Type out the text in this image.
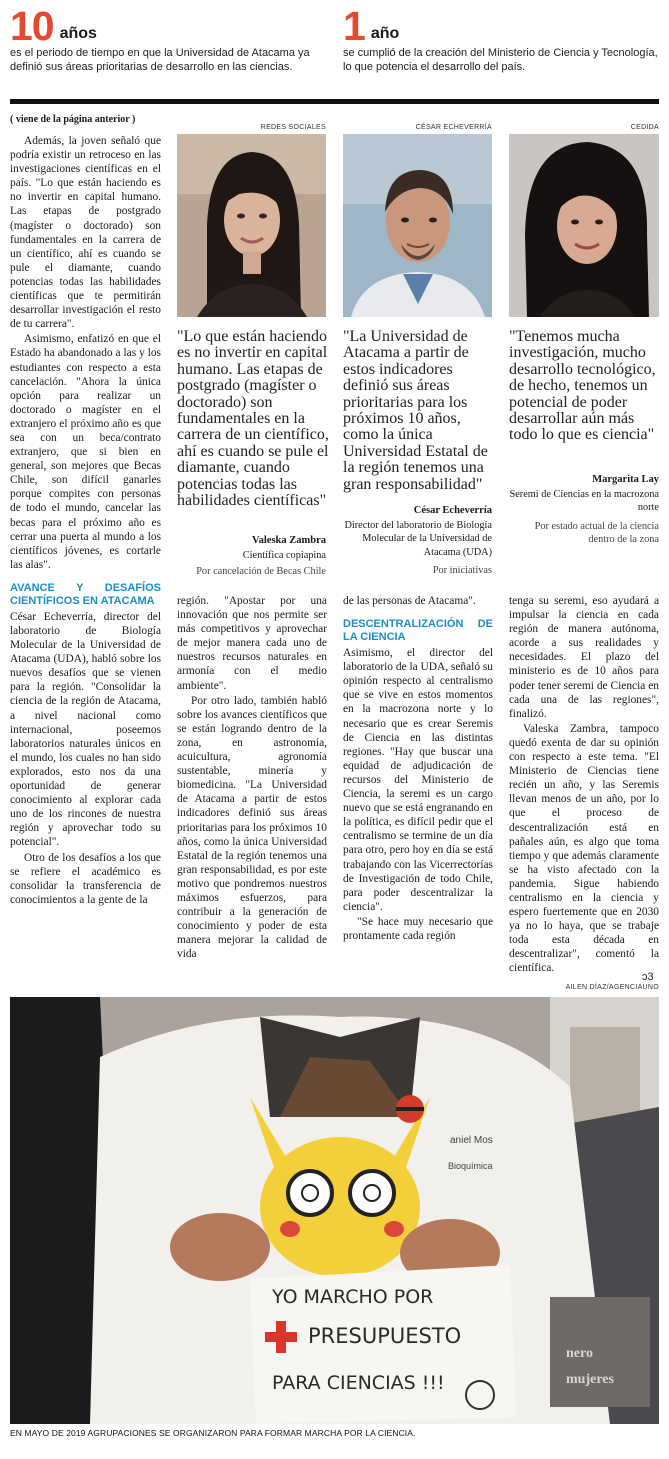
10 años
es el periodo de tiempo en que la Universidad de Atacama ya definió sus áreas prioritarias de desarrollo en las ciencias.
1 año
se cumplió de la creación del Ministerio de Ciencia y Tecnología, lo que potencia el desarrollo del país.
( viene de la página anterior )

Además, la joven señaló que podría existir un retroceso en las investigaciones científicas en el país. "Lo que están haciendo es no invertir en capital humano. Las etapas de postgrado (magíster o doctorado) son fundamentales en la carrera de un científico, ahí es cuando se pule el diamante, cuando potencias todas las habilidades científicas que te permitirán desarrollar investigación el resto de tu carrera".

Asimismo, enfatizó en que el Estado ha abandonado a las y los estudiantes con respecto a esta cancelación. "Ahora la única opción para realizar un doctorado o magíster en el extranjero el próximo año es que sea con un beca/contrato extranjero, que si bien en general, son mejores que Becas Chile, son difícil ganarles porque compites con personas de todo el mundo, cancelar las becas para el próximo año es cerrar una puerta al mundo a los científicos jóvenes, es cortarle las alas".

AVANCE Y DESAFÍOS CIENTÍFICOS EN ATACAMA

César Echeverría, director del laboratorio de Biología Molecular de la Universidad de Atacama (UDA), habló sobre los nuevos desafíos que se vienen para la región. "Consolidar la ciencia de la región de Atacama, a nivel nacional como internacional, poseemos laboratorios naturales únicos en el mundo, los cuales no han sido explorados, esto nos da una oportunidad de generar conocimiento al explorar cada uno de los rincones de nuestra región y aprovechar todo su potencial".

Otro de los desafíos a los que se refiere el académico es consolidar la transferencia de conocimientos a la gente de la

región. "Apostar por una innovación que nos permite ser más competitivos y aprovechar de mejor manera cada uno de nuestros recursos naturales en armonía con el medio ambiente".

Por otro lado, también habló sobre los avances científicos que se están logrando dentro de la zona, en astronomía, acuicultura, agronomía sustentable, minería y biomedicina. "La Universidad de Atacama a partir de estos indicadores definió sus áreas prioritarias para los próximos 10 años, como la única Universidad Estatal de la región tenemos una gran responsabilidad, es por este motivo que pondremos nuestros máximos esfuerzos, para contribuir a la generación de conocimiento y poder de esta manera mejorar la calidad de vida

de las personas de Atacama".

DESCENTRALIZACIÓN DE LA CIENCIA

Asimismo, el director del laboratorio de la UDA, señaló su opinión respecto al centralismo que se vive en estos momentos en la macrozona norte y lo necesario que es crear Seremis de Ciencia en las distintas regiones. "Hay que buscar una equidad de adjudicación de recursos del Ministerio de Ciencia, la seremi es un cargo nuevo que se está engranando en la política, es difícil pedir que el centralismo se termine de un día para otro, pero hoy en día se está trabajando con las Vicerrectorías de Investigación de todo Chile, para poder descentralizar la ciencia".

"Se hace muy necesario que prontamente cada región

tenga su seremi, eso ayudará a impulsar la ciencia en cada región de manera autónoma, acorde a sus realidades y necesidades. El plazo del ministerio es de 10 años para poder tener seremi de Ciencia en cada una de las regiones", finalizó.

Valeska Zambra, tampoco quedó exenta de dar su opinión con respecto a este tema. "El Ministerio de Ciencias tiene recién un año, y las Seremis llevan menos de un año, por lo que el proceso de descentralización está en pañales aún, es algo que toma tiempo y que además claramente se ha visto afectado con la pandemia. Sigue habiendo centralismo en la ciencia y espero fuertemente que en 2030 ya no lo haya, que se trabaje toda esta década en descentralizar", comentó la científica.

ↄ3
REDES SOCIALES	CÉSAR ECHEVERRÍA	CEDIDA
"Lo que están haciendo es no invertir en capital humano. Las etapas de postgrado (magíster o doctorado) son fundamentales en la carrera de un científico, ahí es cuando se pule el diamante, cuando potencias todas las habilidades científicas"
"La Universidad de Atacama a partir de estos indicadores definió sus áreas prioritarias para los próximos 10 años, como la única Universidad Estatal de la región tenemos una gran responsabilidad"
"Tenemos mucha investigación, mucho desarrollo tecnológico, de hecho, tenemos un potencial de poder desarrollar aún más todo lo que es ciencia"
Valeska Zambra
Científica copiapina
Por cancelación de Becas Chile
César Echeverría
Director del laboratorio de Biología Molecular de la Universidad de Atacama (UDA)
Por iniciativas
Margarita Lay
Seremi de Ciencias en la macrozona norte
Por estado actual de la ciencia dentro de la zona
AILEN DÍAZ/AGENCIAUNO
aniel Mos
Bioquímica
nero
mujeres
YO MARCHO POR
PRESUPUESTO
PARA CIENCIAS !!!
EN MAYO DE 2019 AGRUPACIONES SE ORGANIZARON PARA FORMAR MARCHA POR LA CIENCIA.
